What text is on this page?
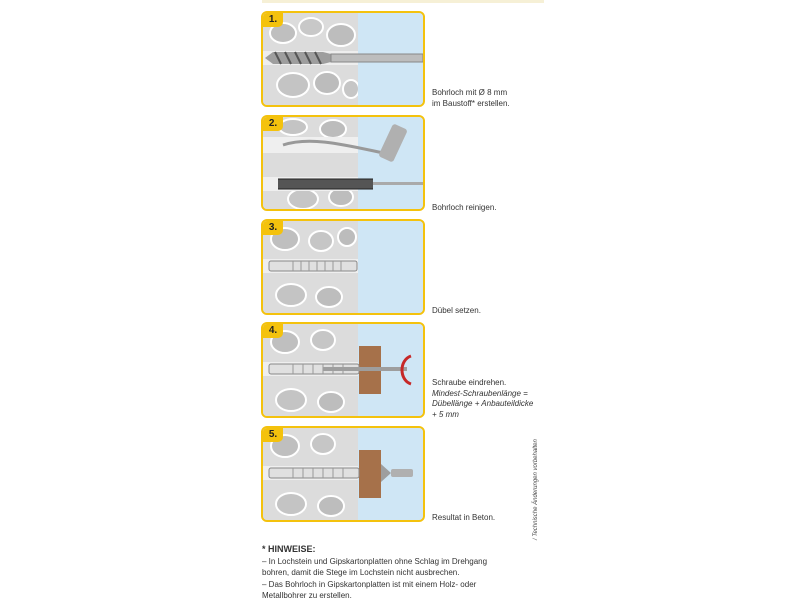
1.
Bohrloch mit Ø 8 mm
im Baustoff* erstellen.
2.
Bohrloch reinigen.
3.
Dübel setzen.
4.
Schraube eindrehen.
Mindest-Schraubenlänge =
Dübellänge + Anbauteildicke
+ 5 mm
5.
Resultat in Beton.
* HINWEISE:
– In Lochstein und Gipskartonplatten ohne Schlag im Drehgang
bohren, damit die Stege im Lochstein nicht ausbrechen.
– Das Bohrloch in Gipskartonplatten ist mit einem Holz- oder
Metallbohrer zu erstellen.
/ Technische Änderungen vorbehalten
